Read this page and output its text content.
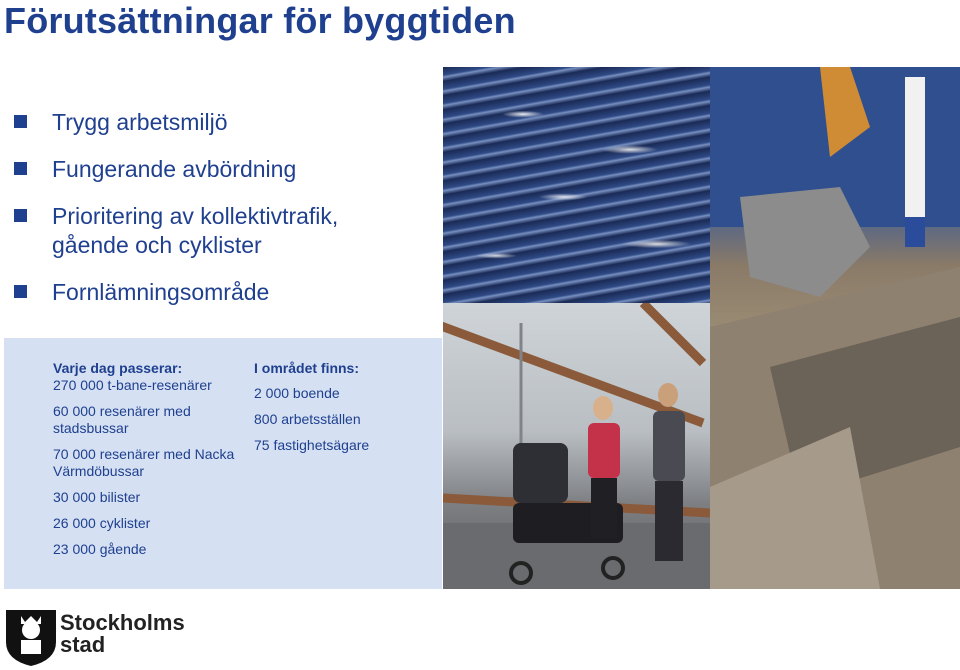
Förutsättningar för byggtiden
Trygg arbetsmiljö
Fungerande avbördning
Prioritering av kollektivtrafik, gående och cyklister
Fornlämningsområde
Varje dag passerar:
270 000 t-bane-resenärer
60 000 resenärer med stadsbussar
70 000 resenärer med Nacka Värmdöbussar
30 000 bilister
26 000 cyklister
23 000 gående
I området finns:
2 000 boende
800 arbetsställen
75 fastighetsägare
Stockholms
stad
